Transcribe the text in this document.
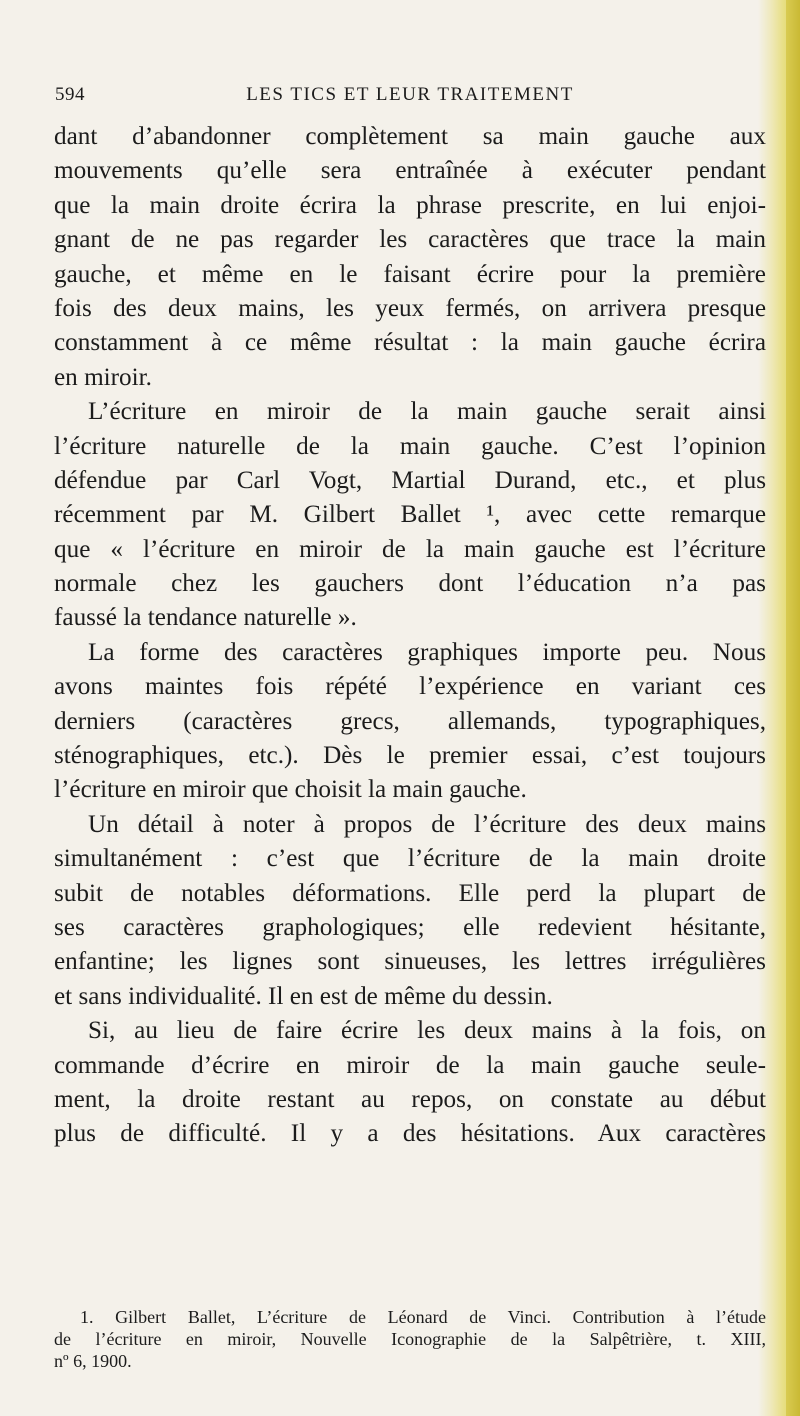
594	LES TICS ET LEUR TRAITEMENT
dant d’abandonner complètement sa main gauche aux
mouvements qu’elle sera entraînée à exécuter pendant
que la main droite écrira la phrase prescrite, en lui enjoi-
gnant de ne pas regarder les caractères que trace la main
gauche, et même en le faisant écrire pour la première
fois des deux mains, les yeux fermés, on arrivera presque
constamment à ce même résultat : la main gauche écrira
en miroir.
L’écriture en miroir de la main gauche serait ainsi
l’écriture naturelle de la main gauche. C’est l’opinion
défendue par Carl Vogt, Martial Durand, etc., et plus
récemment par M. Gilbert Ballet ¹, avec cette remarque
que « l’écriture en miroir de la main gauche est l’écriture
normale chez les gauchers dont l’éducation n’a pas
faussé la tendance naturelle ».
La forme des caractères graphiques importe peu. Nous
avons maintes fois répété l’expérience en variant ces
derniers (caractères grecs, allemands, typographiques,
sténographiques, etc.). Dès le premier essai, c’est toujours
l’écriture en miroir que choisit la main gauche.
Un détail à noter à propos de l’écriture des deux mains
simultanément : c’est que l’écriture de la main droite
subit de notables déformations. Elle perd la plupart de
ses caractères graphologiques; elle redevient hésitante,
enfantine; les lignes sont sinueuses, les lettres irrégulières
et sans individualité. Il en est de même du dessin.
Si, au lieu de faire écrire les deux mains à la fois, on
commande d’écrire en miroir de la main gauche seule-
ment, la droite restant au repos, on constate au début
plus de difficulté. Il y a des hésitations. Aux caractères
1. Gilbert Ballet, L’écriture de Léonard de Vinci. Contribution à l’étude
de l’écriture en miroir, Nouvelle Iconographie de la Salpêtrière, t. XIII,
nº 6, 1900.
